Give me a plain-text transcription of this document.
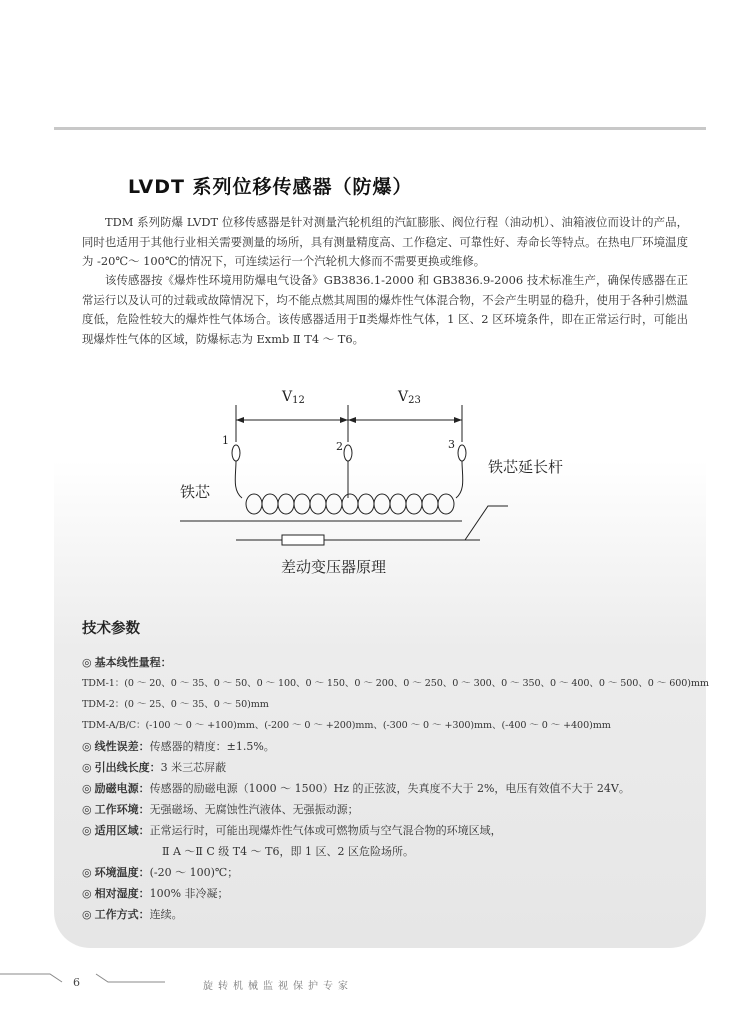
LVDT 系列位移传感器（防爆）

TDM 系列防爆 LVDT 位移传感器是针对测量汽轮机组的汽缸膨胀、阀位行程（油动机）、油箱液位而设计的产品，同时也适用于其他行业相关需要测量的场所，具有测量精度高、工作稳定、可靠性好、寿命长等特点。在热电厂环境温度为 -20℃～ 100℃的情况下，可连续运行一个汽轮机大修而不需要更换或维修。

该传感器按《爆炸性环境用防爆电气设备》GB3836.1-2000 和 GB3836.9-2006 技术标准生产，确保传感器在正常运行以及认可的过载或故障情况下，均不能点燃其周围的爆炸性气体混合物，不会产生明显的稳升，使用于各种引燃温度低，危险性较大的爆炸性气体场合。该传感器适用于Ⅱ类爆炸性气体，1 区、2 区环境条件，即在正常运行时，可能出现爆炸性气体的区域，防爆标志为 Exmb Ⅱ T4 ～ T6。

V12	V23
1	2	3
铁芯
铁芯延长杆
差动变压器原理
技术参数
◎ 基本线性量程：
TDM-1：(0 ～ 20、0 ～ 35、0 ～ 50、0 ～ 100、0 ～ 150、0 ～ 200、0 ～ 250、0 ～ 300、0 ～ 350、0 ～ 400、0 ～ 500、0 ～ 600)mm
TDM-2：(0 ～ 25、0 ～ 35、0 ～ 50)mm
TDM-A/B/C：(-100 ～ 0 ～ +100)mm、(-200 ～ 0 ～ +200)mm、(-300 ～ 0 ～ +300)mm、(-400 ～ 0 ～ +400)mm
◎ 线性误差：传感器的精度：±1.5%。
◎ 引出线长度：3 米三芯屏蔽
◎ 励磁电源：传感器的励磁电源（1000 ～ 1500）Hz 的正弦波，失真度不大于 2%，电压有效值不大于 24V。
◎ 工作环境：无强磁场、无腐蚀性汽液体、无强振动源；
◎ 适用区域：正常运行时，可能出现爆炸性气体或可燃物质与空气混合物的环境区域，
Ⅱ A ～Ⅱ C 级 T4 ～ T6，即 1 区、2 区危险场所。
◎ 环境温度：(-20 ～ 100)℃；
◎ 相对湿度：100% 非冷凝；
◎ 工作方式：连续。
6	旋转机械监视保护专家
